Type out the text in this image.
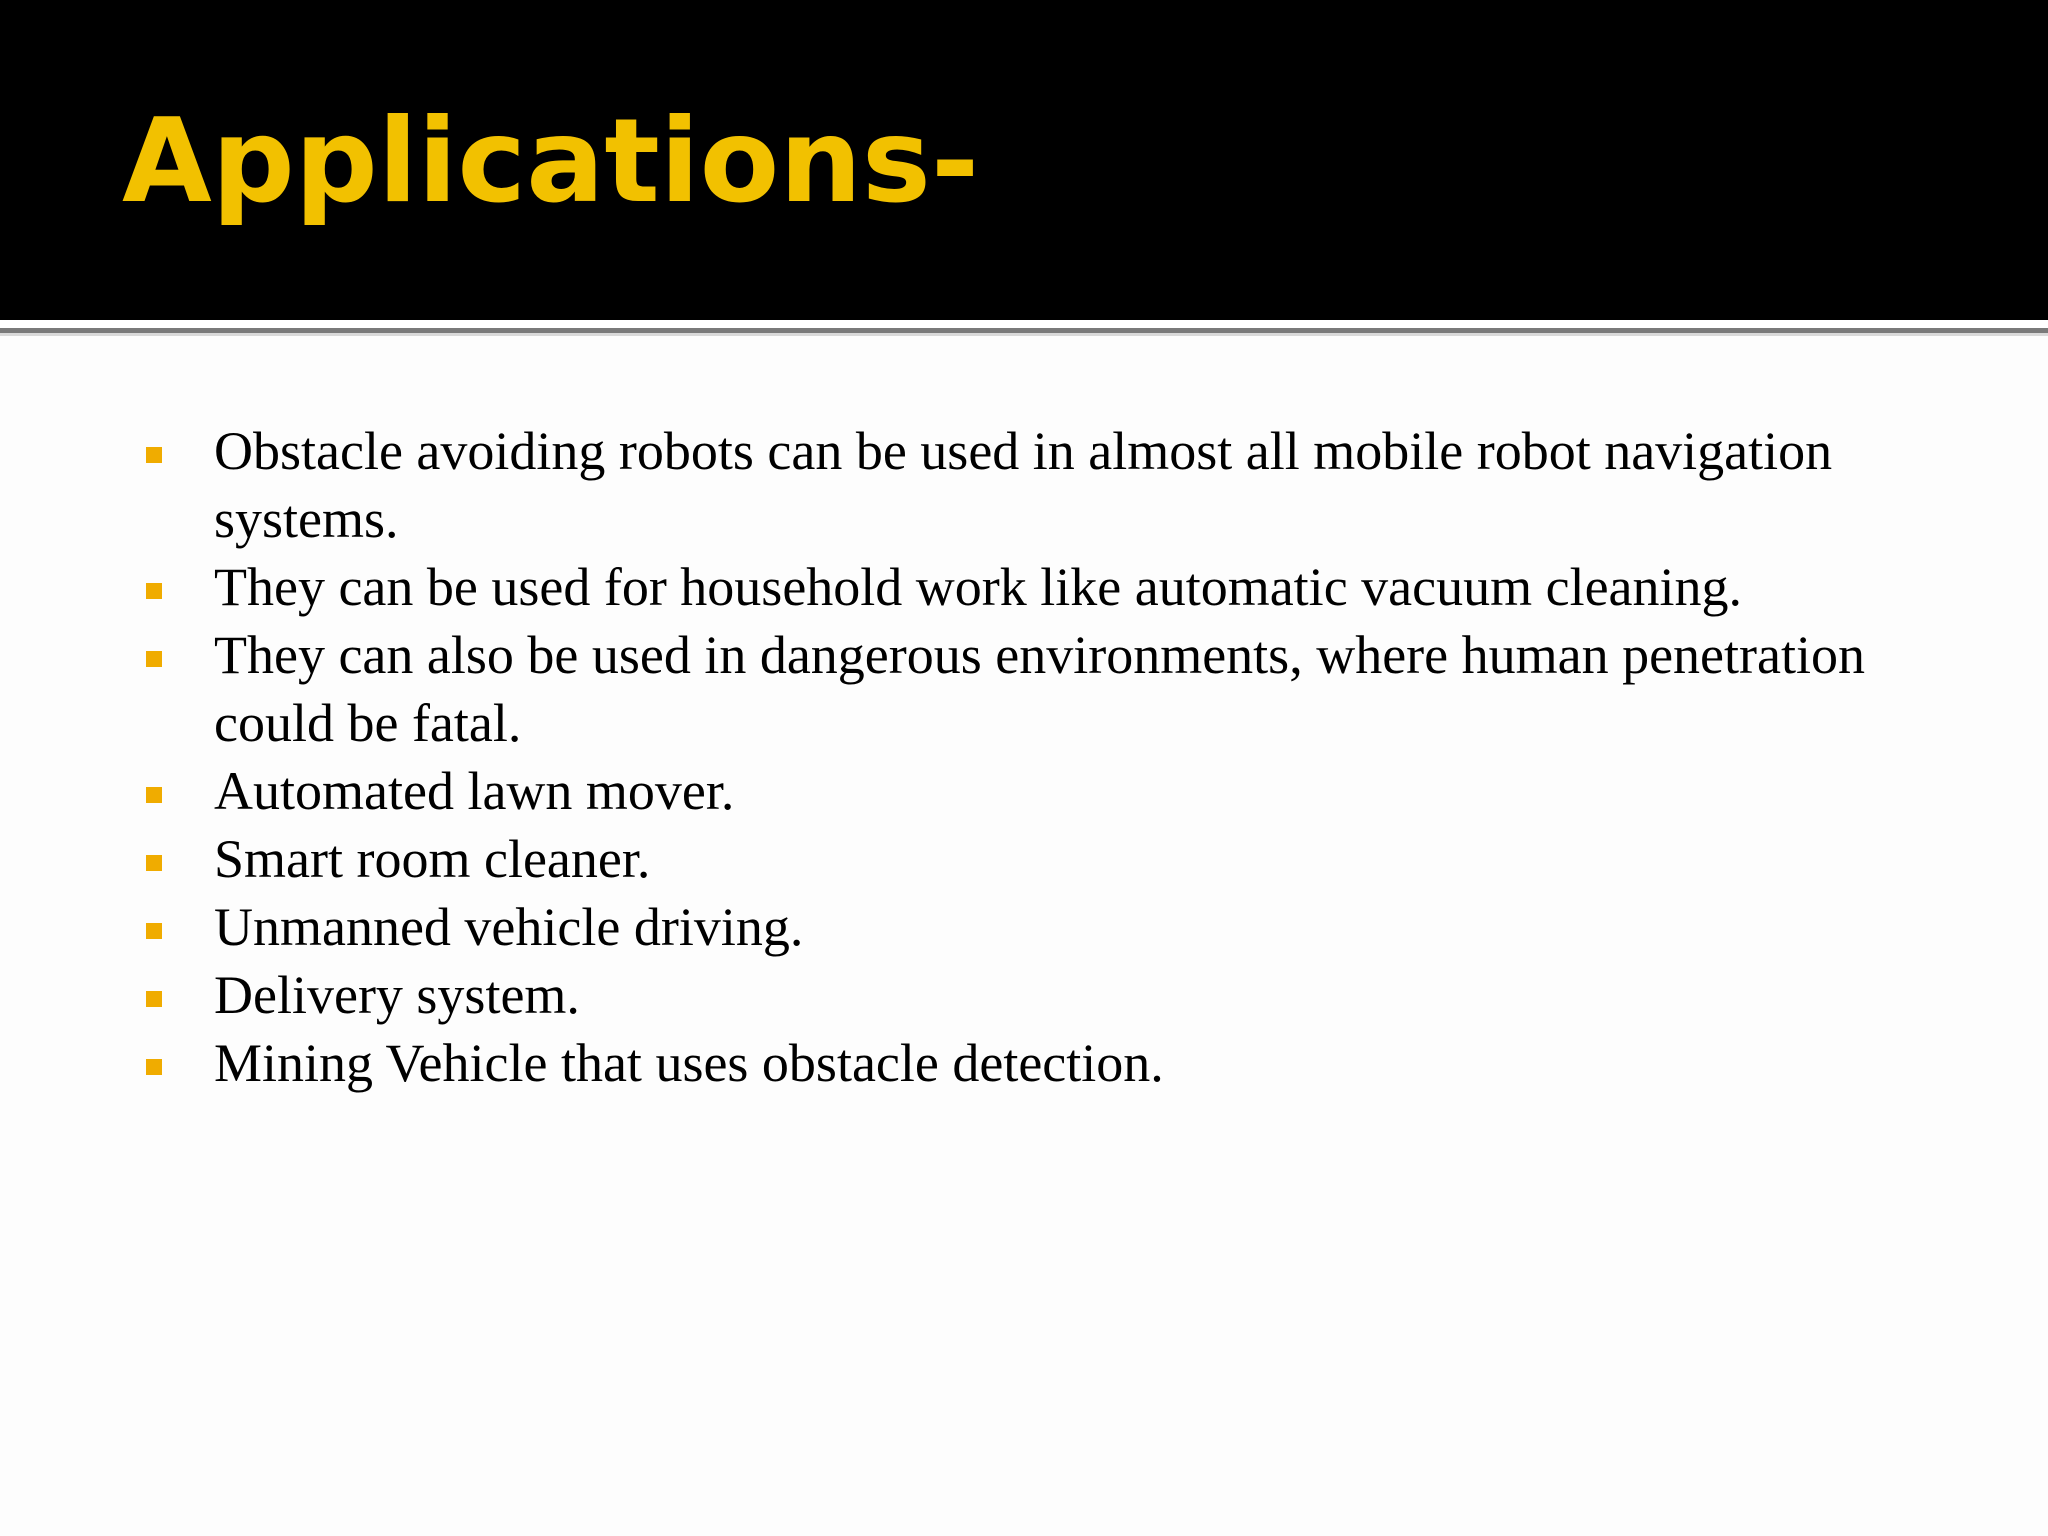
Applications-
Obstacle avoiding robots can be used in almost all mobile robot navigation systems.
They can be used for household work like automatic vacuum cleaning.
They can also be used in dangerous environments, where human penetration could be fatal.
Automated lawn mover.
Smart room cleaner.
Unmanned vehicle driving.
Delivery system.
Mining Vehicle that uses obstacle detection.
